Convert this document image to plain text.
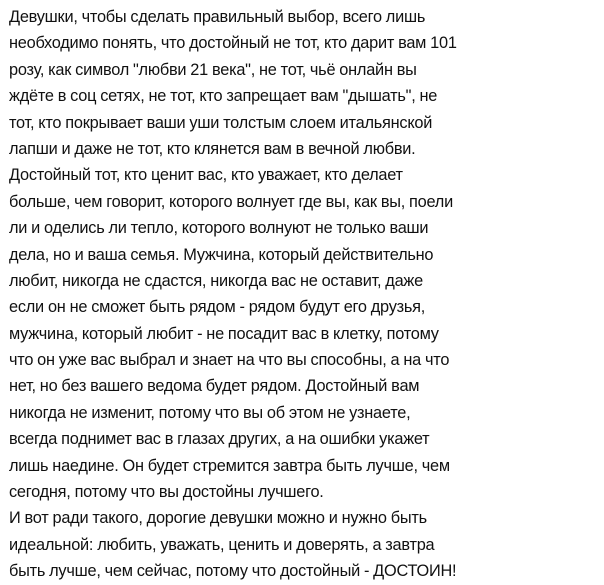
Девушки, чтобы сделать правильный выбор, всего лишь
необходимо понять, что достойный не тот, кто дарит вам 101
розу, как символ "любви 21 века", не тот, чьё онлайн вы
ждёте в соц сетях, не тот, кто запрещает вам "дышать", не
тот, кто покрывает ваши уши толстым слоем итальянской
лапши и даже не тот, кто клянется вам в вечной любви.
Достойный тот, кто ценит вас, кто уважает, кто делает
больше, чем говорит, которого волнует где вы, как вы, поели
ли и оделись ли тепло, которого волнуют не только ваши
дела, но и ваша семья. Мужчина, который действительно
любит, никогда не сдастся, никогда вас не оставит, даже
если он не сможет быть рядом - рядом будут его друзья,
мужчина, который любит - не посадит вас в клетку, потому
что он уже вас выбрал и знает на что вы способны, а на что
нет, но без вашего ведома будет рядом. Достойный вам
никогда не изменит, потому что вы об этом не узнаете,
всегда поднимет вас в глазах других, а на ошибки укажет
лишь наедине. Он будет стремится завтра быть лучше, чем
сегодня, потому что вы достойны лучшего.
И вот ради такого, дорогие девушки можно и нужно быть
идеальной: любить, уважать, ценить и доверять, а завтра
быть лучше, чем сейчас, потому что достойный - ДОСТОИН!
